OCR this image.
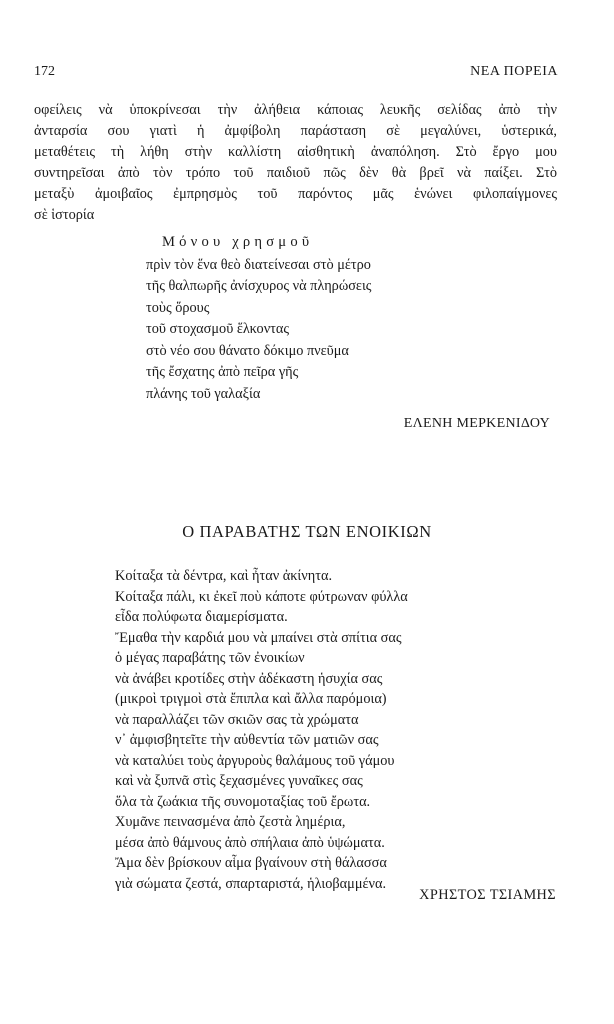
172	ΝΕΑ ΠΟΡΕΙΑ
οφείλεις νὰ ὑποκρίνεσαι τὴν ἀλήθεια κάποιας λευκῆς σελίδας ἀπὸ τὴν
ἀνταρσία σου γιατὶ ἡ ἀμφίβολη παράσταση σὲ μεγαλύνει, ὑστερικά,
μεταθέτεις τὴ λήθη στὴν καλλίστη αἰσθητικὴ ἀναπόληση. Στὸ ἔργο μου
συντηρεῖσαι ἀπὸ τὸν τρόπο τοῦ παιδιοῦ πῶς δὲν θὰ βρεῖ νὰ παίξει. Στὸ
μεταξὺ ἀμοιβαῖος ἐμπρησμὸς τοῦ παρόντος μᾶς ἑνώνει φιλοπαίγμονες
σὲ ἱστορία
Μόνου χρησμοῦ
πρὶν τὸν ἕνα θεὸ διατείνεσαι στὸ μέτρο
τῆς θαλπωρῆς ἀνίσχυρος νὰ πληρώσεις
τοὺς ὅρους
τοῦ στοχασμοῦ ἕλκοντας
στὸ νέο σου θάνατο δόκιμο πνεῦμα
τῆς ἔσχατης ἀπὸ πεῖρα γῆς
πλάνης τοῦ γαλαξία
ΕΛΕΝΗ ΜΕΡΚΕΝΙΔΟΥ
Ο ΠΑΡΑΒΑΤΗΣ ΤΩΝ ΕΝΟΙΚΙΩΝ
Κοίταξα τὰ δέντρα, καὶ ἦταν ἀκίνητα.
Κοίταξα πάλι, κι ἐκεῖ ποὺ κάποτε φύτρωναν φύλλα
εἶδα πολύφωτα διαμερίσματα.
Ἔμαθα τὴν καρδιά μου νὰ μπαίνει στὰ σπίτια σας
ὁ μέγας παραβάτης τῶν ἐνοικίων
νὰ ἀνάβει κροτίδες στὴν ἀδέκαστη ἡσυχία σας
(μικροὶ τριγμοὶ στὰ ἔπιπλα καὶ ἄλλα παρόμοια)
νὰ παραλλάζει τῶν σκιῶν σας τὰ χρώματα
ν᾽ ἀμφισβητεῖτε τὴν αὐθεντία τῶν ματιῶν σας
νὰ καταλύει τοὺς ἀργυροὺς θαλάμους τοῦ γάμου
καὶ νὰ ξυπνᾶ στὶς ξεχασμένες γυναῖκες σας
ὅλα τὰ ζωάκια τῆς συνομοταξίας τοῦ ἔρωτα.
Χυμᾶνε πεινασμένα ἀπὸ ζεστὰ λημέρια,
μέσα ἀπὸ θάμνους ἀπὸ σπήλαια ἀπὸ ὑψώματα.
Ἄμα δὲν βρίσκουν αἷμα βγαίνουν στὴ θάλασσα
γιὰ σώματα ζεστά, σπαρταριστά, ἡλιοβαμμένα.
ΧΡΗΣΤΟΣ ΤΣΙΑΜΗΣ
